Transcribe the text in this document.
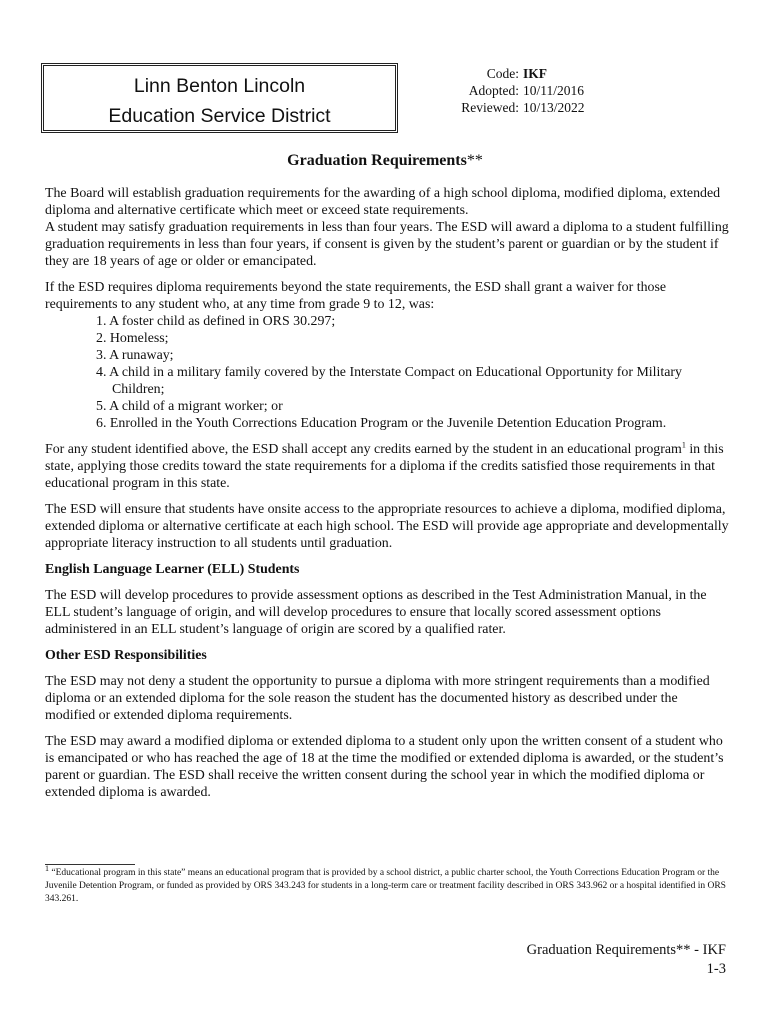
Linn Benton Lincoln
Education Service District
Code: IKF
Adopted: 10/11/2016
Reviewed: 10/13/2022
Graduation Requirements**

The Board will establish graduation requirements for the awarding of a high school diploma, modified diploma, extended diploma and alternative certificate which meet or exceed state requirements.

A student may satisfy graduation requirements in less than four years. The ESD will award a diploma to a student fulfilling graduation requirements in less than four years, if consent is given by the student’s parent or guardian or by the student if they are 18 years of age or older or emancipated.

If the ESD requires diploma requirements beyond the state requirements, the ESD shall grant a waiver for those requirements to any student who, at any time from grade 9 to 12, was:

1. A foster child as defined in ORS 30.297;
2. Homeless;
3. A runaway;
4. A child in a military family covered by the Interstate Compact on Educational Opportunity for Military Children;
5. A child of a migrant worker; or
6. Enrolled in the Youth Corrections Education Program or the Juvenile Detention Education Program.

For any student identified above, the ESD shall accept any credits earned by the student in an educational program$^1$ in this state, applying those credits toward the state requirements for a diploma if the credits satisfied those requirements in that educational program in this state.

The ESD will ensure that students have onsite access to the appropriate resources to achieve a diploma, modified diploma, extended diploma or alternative certificate at each high school. The ESD will provide age appropriate and developmentally appropriate literacy instruction to all students until graduation.

English Language Learner (ELL) Students

The ESD will develop procedures to provide assessment options as described in the Test Administration Manual, in the ELL student’s language of origin, and will develop procedures to ensure that locally scored assessment options administered in an ELL student’s language of origin are scored by a qualified rater.

Other ESD Responsibilities

The ESD may not deny a student the opportunity to pursue a diploma with more stringent requirements than a modified diploma or an extended diploma for the sole reason the student has the documented history as described under the modified or extended diploma requirements.

The ESD may award a modified diploma or extended diploma to a student only upon the written consent of a student who is emancipated or who has reached the age of 18 at the time the modified or extended diploma is awarded, or the student’s parent or guardian. The ESD shall receive the written consent during the school year in which the modified diploma or extended diploma is awarded.

$^1$ “Educational program in this state” means an educational program that is provided by a school district, a public charter school, the Youth Corrections Education Program or the Juvenile Detention Program, or funded as provided by ORS 343.243 for students in a long-term care or treatment facility described in ORS 343.962 or a hospital identified in ORS 343.261.
Graduation Requirements** - IKF
1-3
